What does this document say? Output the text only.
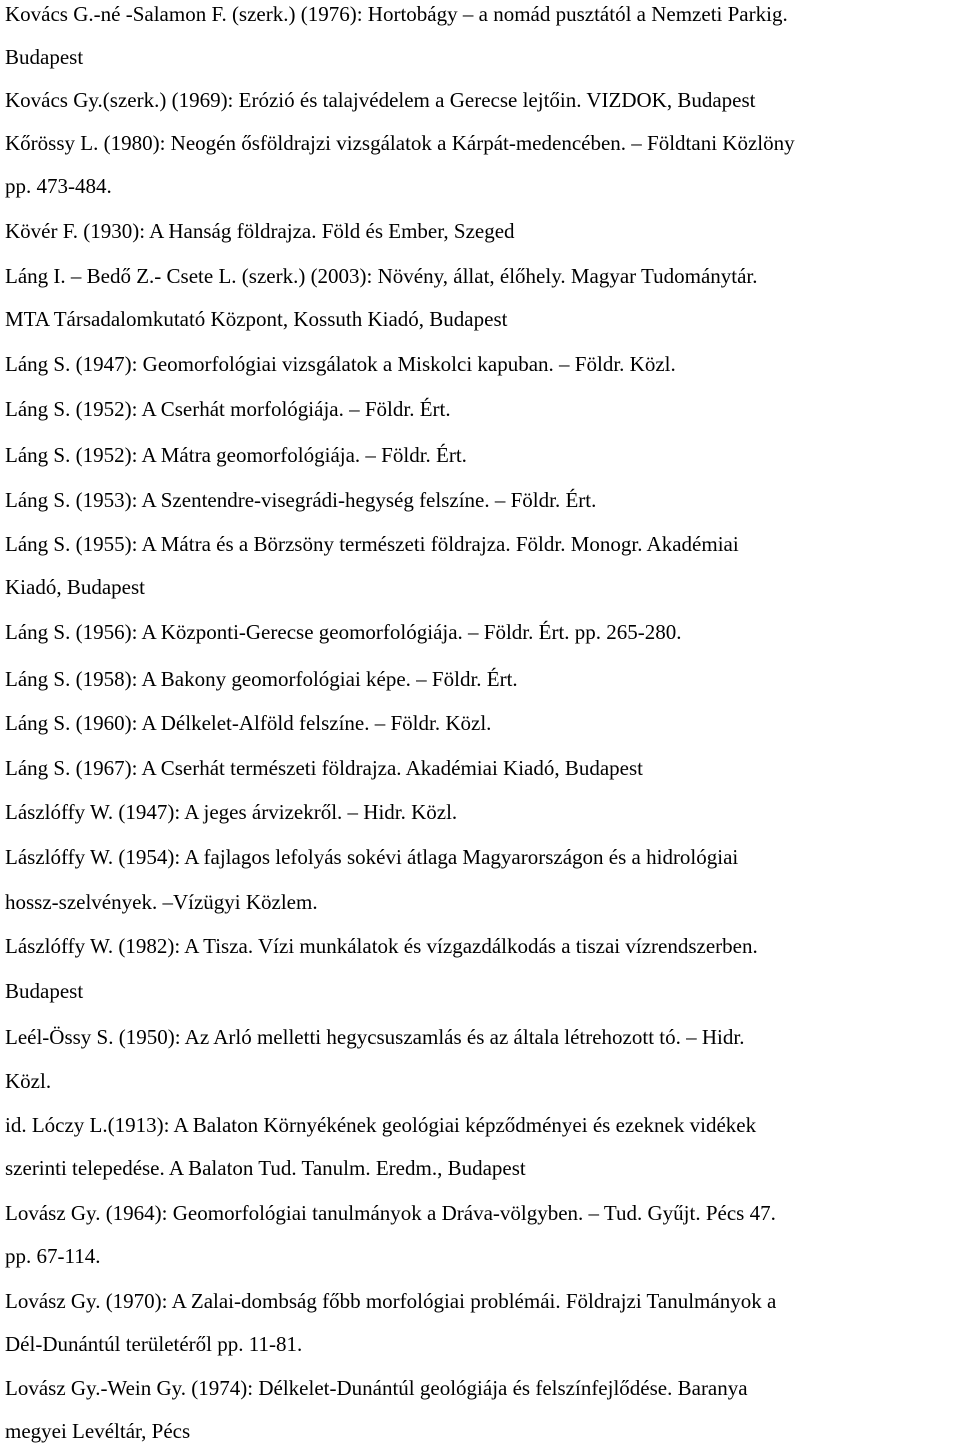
Kovács G.-né -Salamon F. (szerk.) (1976): Hortobágy – a nomád pusztától a Nemzeti Parkig.
Budapest
Kovács Gy.(szerk.) (1969): Erózió és talajvédelem a Gerecse lejtőin. VIZDOK, Budapest
Kőrössy L. (1980): Neogén ősföldrajzi vizsgálatok a Kárpát-medencében. – Földtani Közlöny
pp. 473-484.
Kövér F. (1930): A Hanság földrajza. Föld és Ember, Szeged
Láng I. – Bedő Z.- Csete L. (szerk.) (2003): Növény, állat, élőhely. Magyar Tudománytár.
MTA Társadalomkutató Központ, Kossuth Kiadó, Budapest
Láng S. (1947): Geomorfológiai vizsgálatok a Miskolci kapuban. – Földr. Közl.
Láng S. (1952): A Cserhát morfológiája. – Földr. Ért.
Láng S. (1952): A Mátra geomorfológiája. – Földr. Ért.
Láng S. (1953): A Szentendre-visegrádi-hegység felszíne. – Földr. Ért.
Láng S. (1955): A Mátra és a Börzsöny természeti földrajza. Földr. Monogr. Akadémiai
Kiadó, Budapest
Láng S. (1956): A Központi-Gerecse geomorfológiája. – Földr. Ért. pp. 265-280.
Láng S. (1958): A Bakony geomorfológiai képe. – Földr. Ért.
Láng S. (1960): A Délkelet-Alföld felszíne. – Földr. Közl.
Láng S. (1967): A Cserhát természeti földrajza. Akadémiai Kiadó, Budapest
Lászlóffy W. (1947): A jeges árvizekről. – Hidr. Közl.
Lászlóffy W. (1954): A fajlagos lefolyás sokévi átlaga Magyarországon és a hidrológiai
hossz-szelvények. –Vízügyi Közlem.
Lászlóffy W. (1982): A Tisza. Vízi munkálatok és vízgazdálkodás a tiszai vízrendszerben.
Budapest
Leél-Össy S. (1950): Az Arló melletti hegycsuszamlás és az általa létrehozott tó. – Hidr.
Közl.
id. Lóczy L.(1913): A Balaton Környékének geológiai képződményei és ezeknek vidékek
szerinti telepedése. A Balaton Tud. Tanulm. Eredm., Budapest
Lovász Gy. (1964): Geomorfológiai tanulmányok a Dráva-völgyben. – Tud. Gyűjt. Pécs 47.
pp. 67-114.
Lovász Gy. (1970): A Zalai-dombság főbb morfológiai problémái. Földrajzi Tanulmányok a
Dél-Dunántúl területéről pp. 11-81.
Lovász Gy.-Wein Gy. (1974): Délkelet-Dunántúl geológiája és felszínfejlődése. Baranya
megyei Levéltár, Pécs
